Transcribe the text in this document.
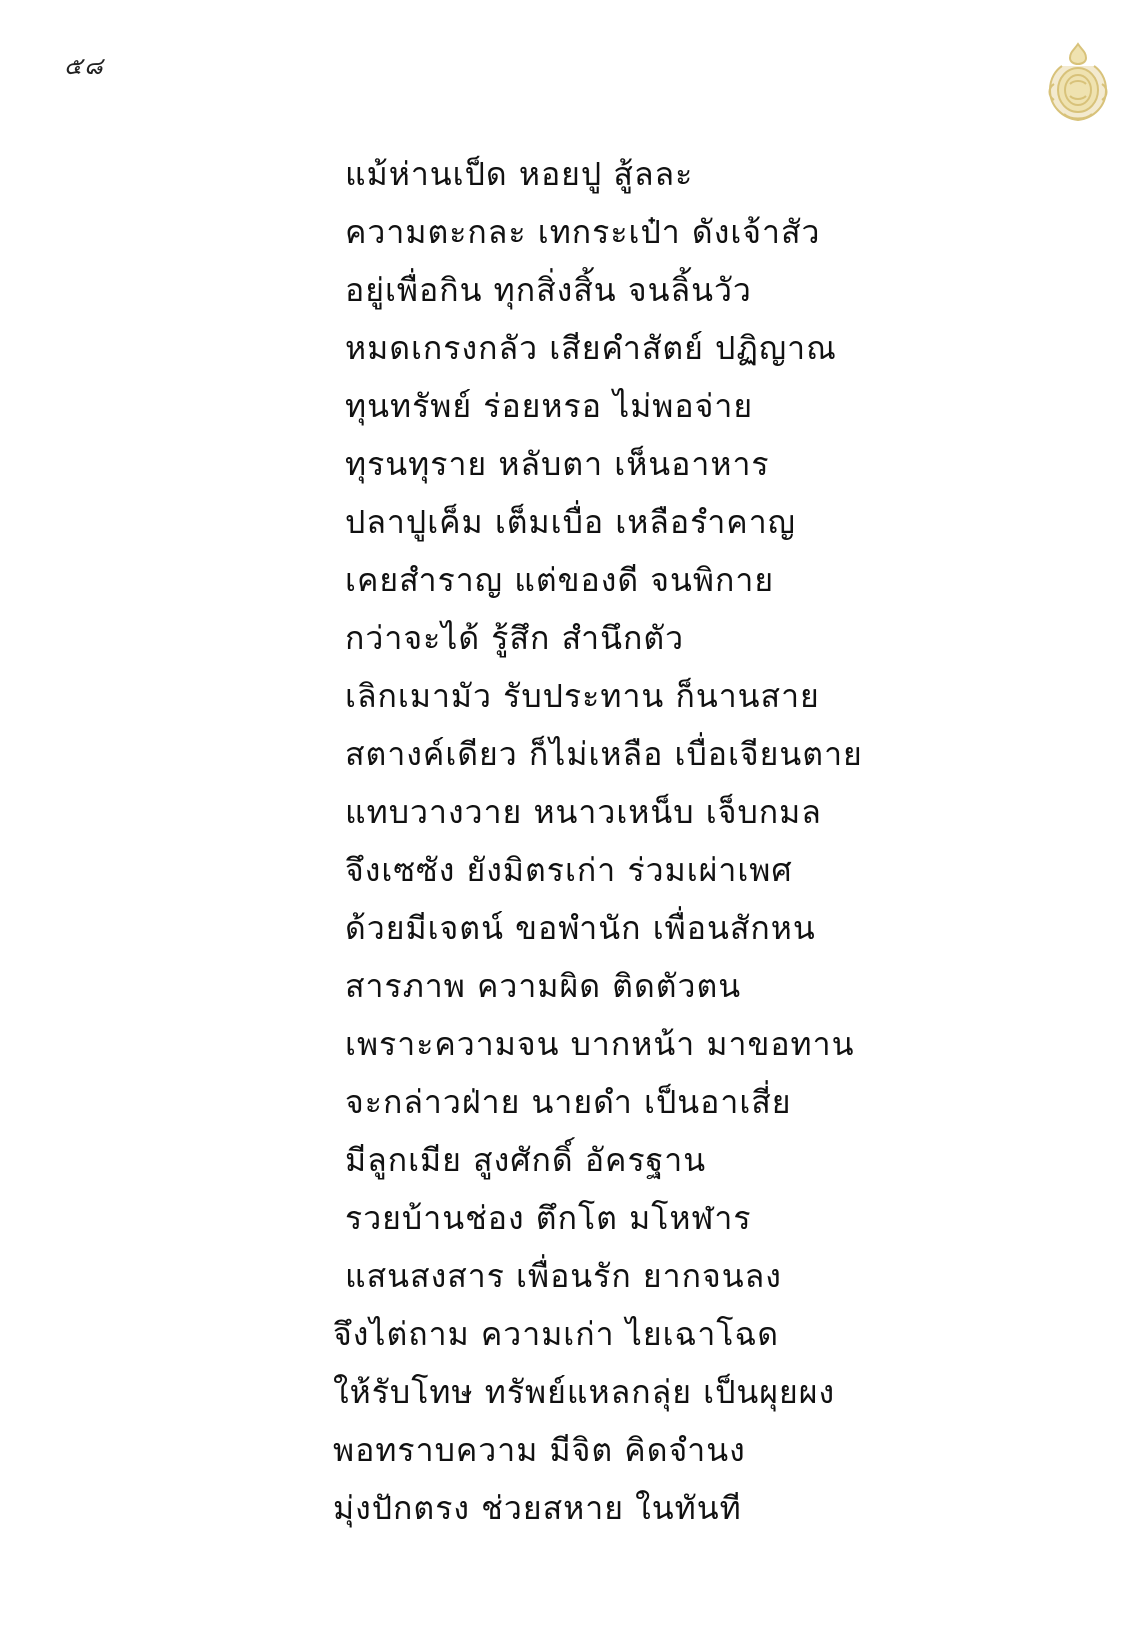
๕๘
แม้ห่านเป็ด หอยปู สู้ลละ
ความตะกละ เทกระเป๋า ดังเจ้าสัว
อยู่เพื่อกิน ทุกสิ่งสิ้น จนลิ้นวัว
หมดเกรงกลัว เสียคำสัตย์ ปฏิญาณ
ทุนทรัพย์ ร่อยหรอ ไม่พอจ่าย
ทุรนทุราย หลับตา เห็นอาหาร
ปลาปูเค็ม เต็มเบื่อ เหลือรำคาญ
เคยสำราญ แต่ของดี จนพิกาย
กว่าจะได้ รู้สึก สำนึกตัว
เลิกเมามัว รับประทาน ก็นานสาย
สตางค์เดียว ก็ไม่เหลือ เบื่อเจียนตาย
แทบวางวาย หนาวเหน็บ เจ็บกมล
จึงเซซัง ยังมิตรเก่า ร่วมเผ่าเพศ
ด้วยมีเจตน์ ขอพำนัก เพื่อนสักหน
สารภาพ ความผิด ติดตัวตน
เพราะความจน บากหน้า มาขอทาน
จะกล่าวฝ่าย นายดำ เป็นอาเสี่ย
มีลูกเมีย สูงศักดิ์ อัครฐาน
รวยบ้านช่อง ตึกโต มโหฬาร
แสนสงสาร เพื่อนรัก ยากจนลง
จึงไต่ถาม ความเก่า ไยเฉาโฉด
ให้รับโทษ ทรัพย์แหลกลุ่ย เป็นผุยผง
พอทราบความ มีจิต คิดจำนง
มุ่งปักตรง ช่วยสหาย ในทันที
